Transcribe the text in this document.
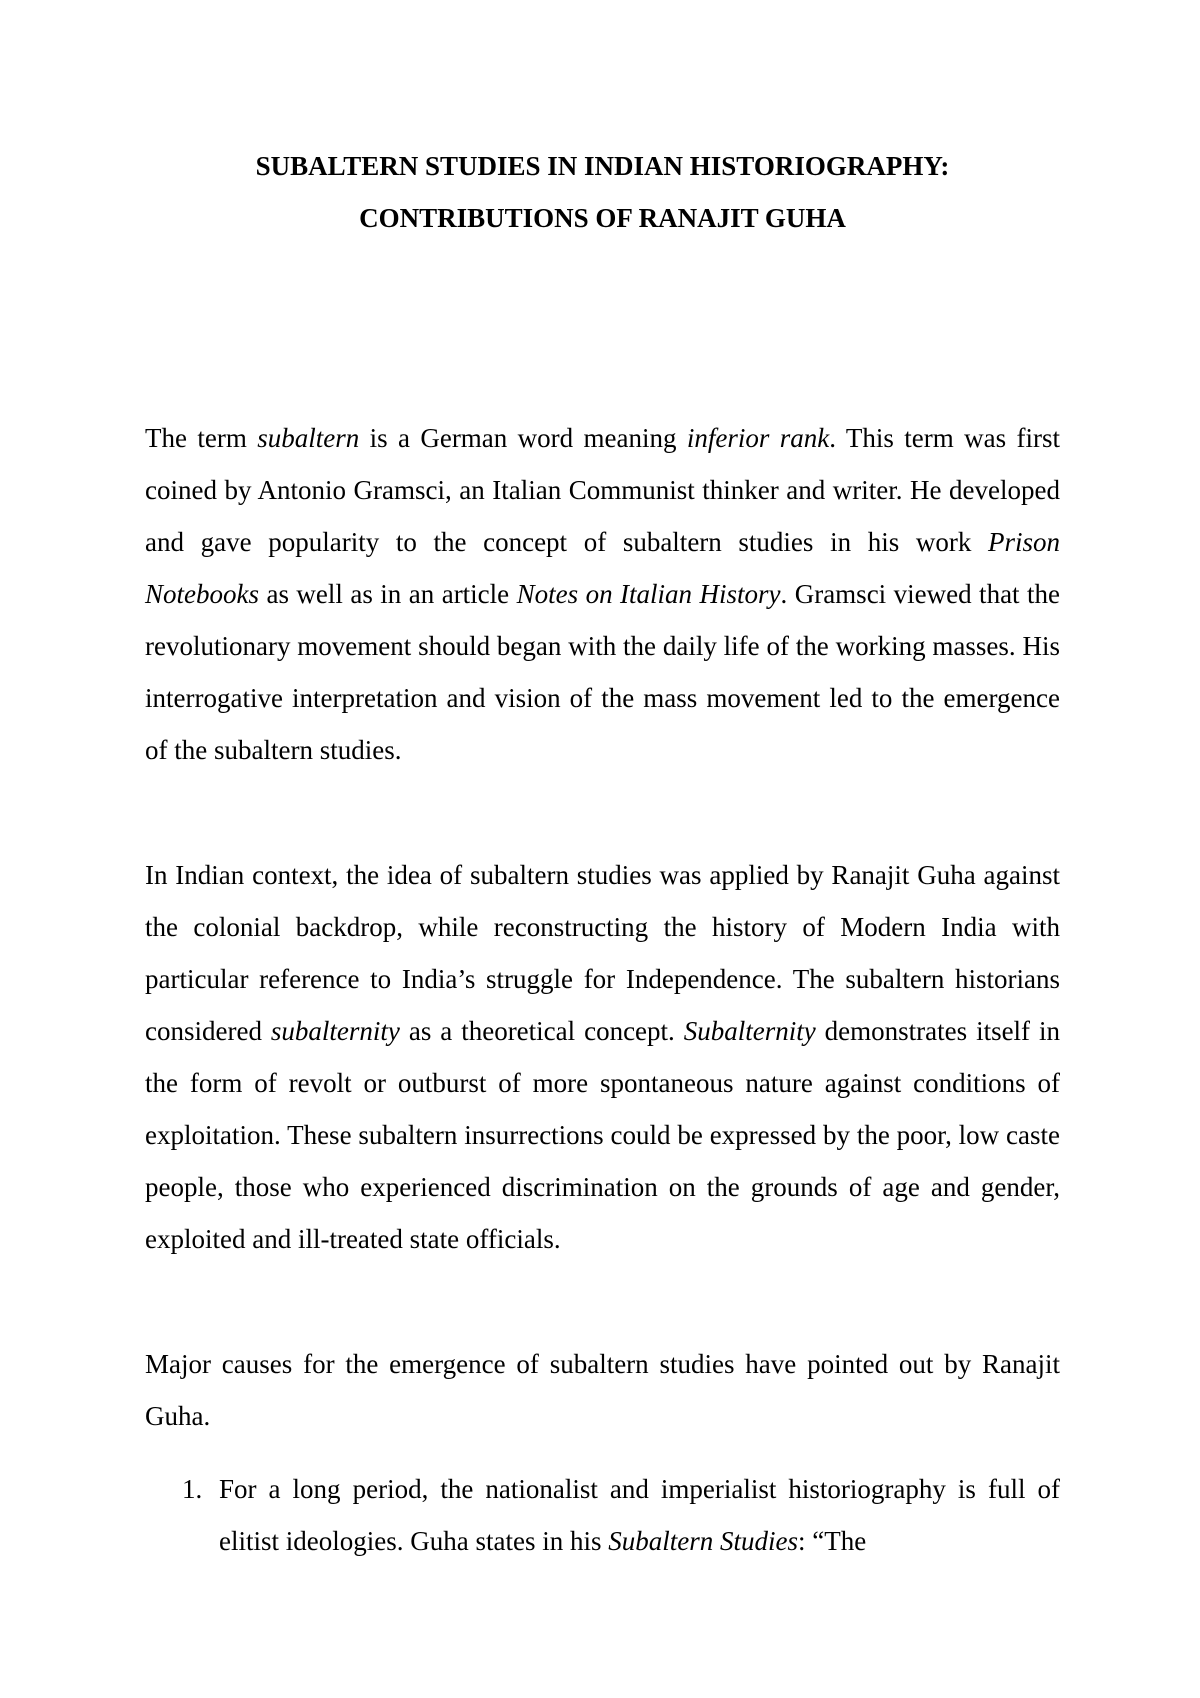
SUBALTERN STUDIES IN INDIAN HISTORIOGRAPHY:
CONTRIBUTIONS OF RANAJIT GUHA

The term subaltern is a German word meaning inferior rank. This term was first coined by Antonio Gramsci, an Italian Communist thinker and writer. He developed and gave popularity to the concept of subaltern studies in his work Prison Notebooks as well as in an article Notes on Italian History. Gramsci viewed that the revolutionary movement should began with the daily life of the working masses. His interrogative interpretation and vision of the mass movement led to the emergence of the subaltern studies.

In Indian context, the idea of subaltern studies was applied by Ranajit Guha against the colonial backdrop, while reconstructing the history of Modern India with particular reference to India’s struggle for Independence. The subaltern historians considered subalternity as a theoretical concept. Subalternity demonstrates itself in the form of revolt or outburst of more spontaneous nature against conditions of exploitation. These subaltern insurrections could be expressed by the poor, low caste people, those who experienced discrimination on the grounds of age and gender, exploited and ill-treated state officials.

Major causes for the emergence of subaltern studies have pointed out by Ranajit Guha.

1. For a long period, the nationalist and imperialist historiography is full of elitist ideologies. Guha states in his Subaltern Studies: “The
